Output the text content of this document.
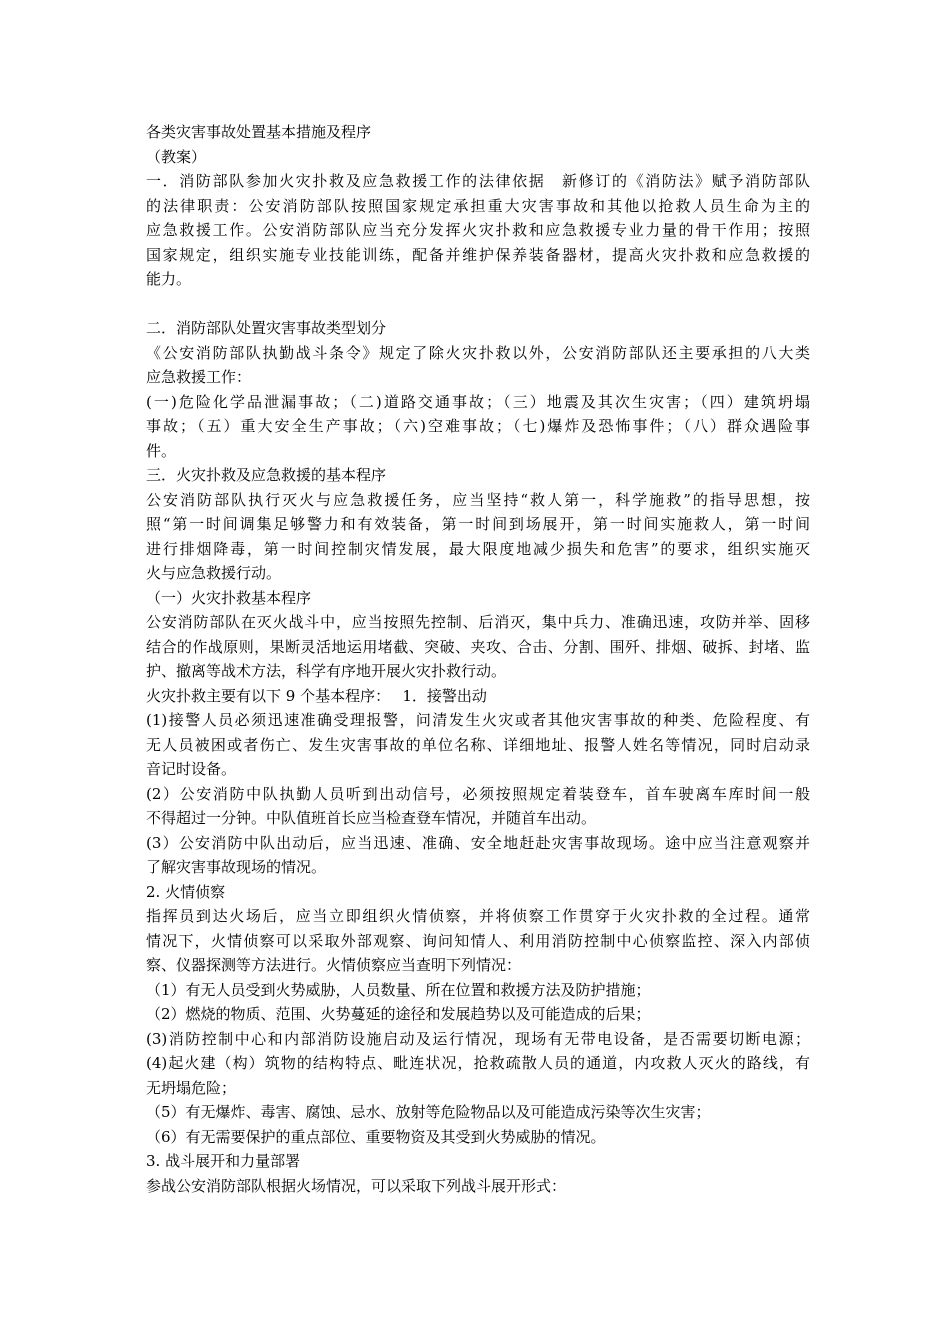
各类灾害事故处置基本措施及程序
（教案）
一．消防部队参加火灾扑救及应急救援工作的法律依据　新修订的《消防法》赋予消防部队
的法律职责：公安消防部队按照国家规定承担重大灾害事故和其他以抢救人员生命为主的
应急救援工作。公安消防部队应当充分发挥火灾扑救和应急救援专业力量的骨干作用；按照
国家规定，组织实施专业技能训练，配备并维护保养装备器材，提高火灾扑救和应急救援的
能力。
二．消防部队处置灾害事故类型划分
《公安消防部队执勤战斗条令》规定了除火灾扑救以外，公安消防部队还主要承担的八大类
应急救援工作：
(一)危险化学品泄漏事故；（二)道路交通事故；（三）地震及其次生灾害；（四）建筑坍塌
事故；（五）重大安全生产事故；（六)空难事故；（七)爆炸及恐怖事件；（八）群众遇险事
件。
三．火灾扑救及应急救援的基本程序
公安消防部队执行灭火与应急救援任务，应当坚持“救人第一，科学施救”的指导思想，按
照“第一时间调集足够警力和有效装备，第一时间到场展开，第一时间实施救人，第一时间
进行排烟降毒，第一时间控制灾情发展，最大限度地减少损失和危害”的要求，组织实施灭
火与应急救援行动。
（一）火灾扑救基本程序
公安消防部队在灭火战斗中，应当按照先控制、后消灭，集中兵力、准确迅速，攻防并举、固移
结合的作战原则，果断灵活地运用堵截、突破、夹攻、合击、分割、围歼、排烟、破拆、封堵、监
护、撤离等战术方法，科学有序地开展火灾扑救行动。
火灾扑救主要有以下 9 个基本程序：　 1．接警出动
(1)接警人员必须迅速准确受理报警，问清发生火灾或者其他灾害事故的种类、危险程度、有
无人员被困或者伤亡、发生灾害事故的单位名称、详细地址、报警人姓名等情况，同时启动录
音记时设备。
(2）公安消防中队执勤人员听到出动信号，必须按照规定着装登车，首车驶离车库时间一般
不得超过一分钟。中队值班首长应当检查登车情况，并随首车出动。
(3）公安消防中队出动后，应当迅速、准确、安全地赶赴灾害事故现场。途中应当注意观察并
了解灾害事故现场的情况。
2. 火情侦察
指挥员到达火场后，应当立即组织火情侦察，并将侦察工作贯穿于火灾扑救的全过程。通常
情况下，火情侦察可以采取外部观察、询问知情人、利用消防控制中心侦察监控、深入内部侦
察、仪器探测等方法进行。火情侦察应当查明下列情况：
（1）有无人员受到火势威胁，人员数量、所在位置和救援方法及防护措施；
（2）燃烧的物质、范围、火势蔓延的途径和发展趋势以及可能造成的后果；
(3)消防控制中心和内部消防设施启动及运行情况，现场有无带电设备，是否需要切断电源；
(4)起火建（构）筑物的结构特点、毗连状况，抢救疏散人员的通道，内攻救人灭火的路线，有
无坍塌危险；
（5）有无爆炸、毒害、腐蚀、忌水、放射等危险物品以及可能造成污染等次生灾害；
（6）有无需要保护的重点部位、重要物资及其受到火势威胁的情况。
3. 战斗展开和力量部署
参战公安消防部队根据火场情况，可以采取下列战斗展开形式：
